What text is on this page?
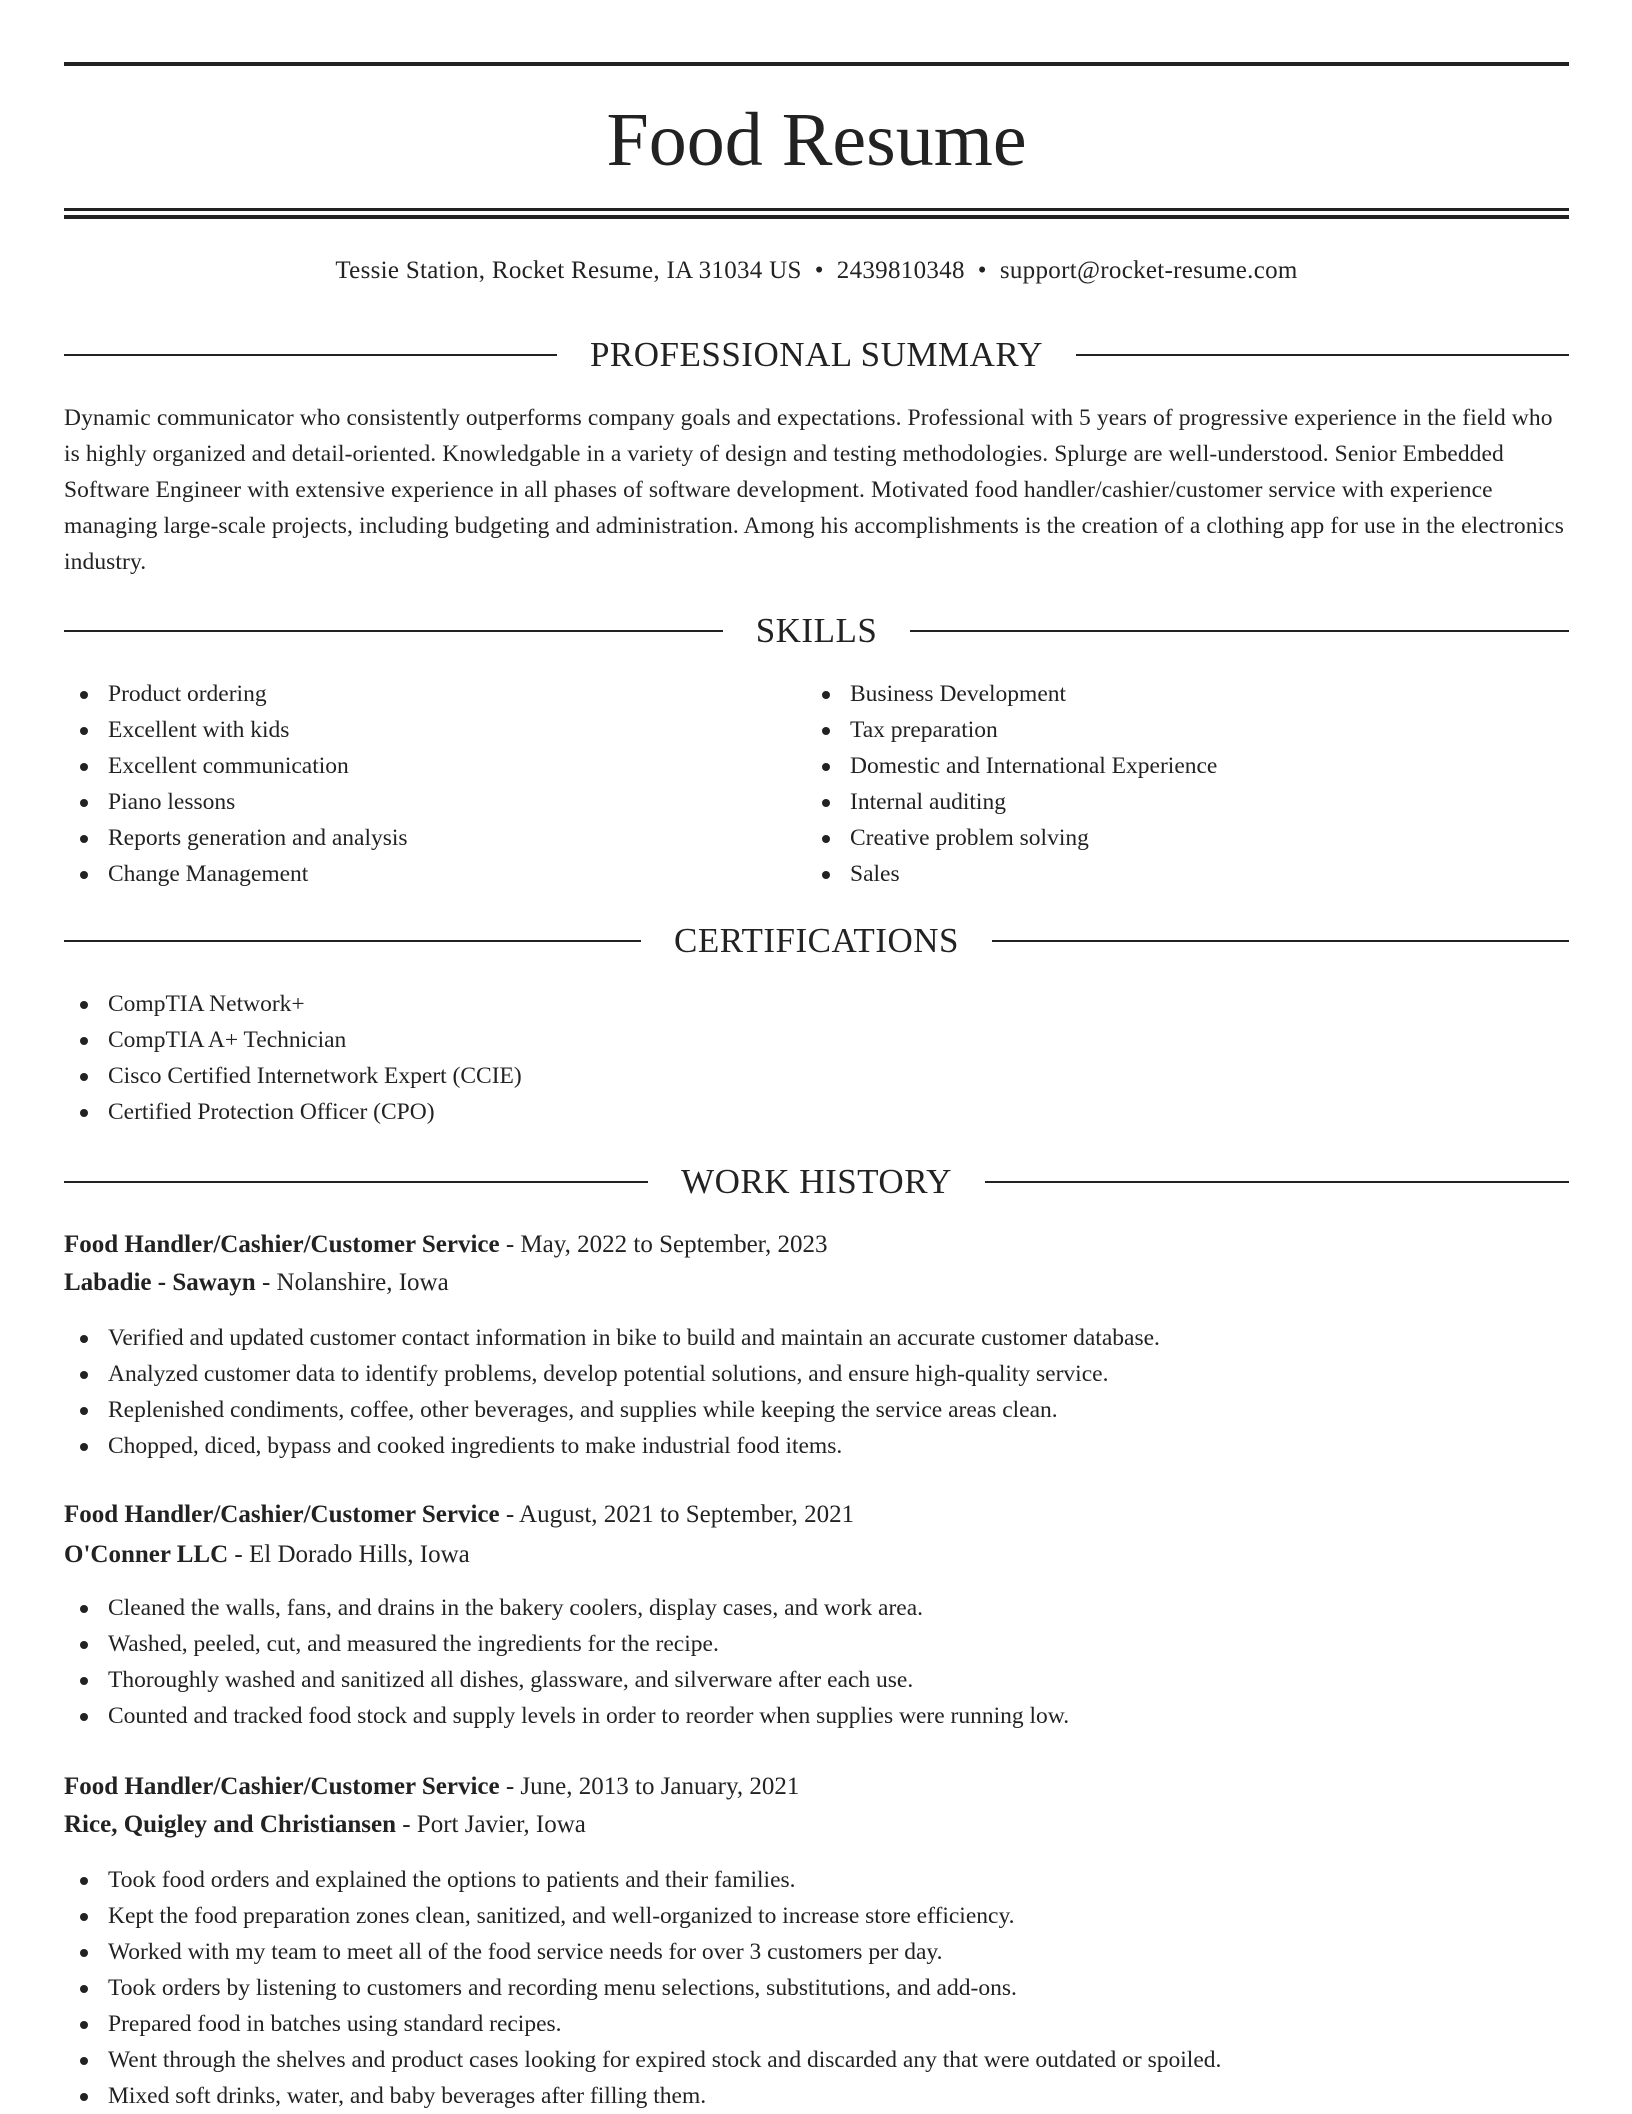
Food Resume
Tessie Station, Rocket Resume, IA 31034 US • 2439810348 • support@rocket-resume.com
PROFESSIONAL SUMMARY

Dynamic communicator who consistently outperforms company goals and expectations. Professional with 5 years of progressive experience in the field who is highly organized and detail-oriented. Knowledgable in a variety of design and testing methodologies. Splurge are well-understood. Senior Embedded Software Engineer with extensive experience in all phases of software development. Motivated food handler/cashier/customer service with experience managing large-scale projects, including budgeting and administration. Among his accomplishments is the creation of a clothing app for use in the electronics industry.

SKILLS
Product ordering
Excellent with kids
Excellent communication
Piano lessons
Reports generation and analysis
Change Management
Business Development
Tax preparation
Domestic and International Experience
Internal auditing
Creative problem solving
Sales
CERTIFICATIONS
CompTIA Network+
CompTIA A+ Technician
Cisco Certified Internetwork Expert (CCIE)
Certified Protection Officer (CPO)
WORK HISTORY
Food Handler/Cashier/Customer Service - May, 2022 to September, 2023
Labadie - Sawayn - Nolanshire, Iowa
Verified and updated customer contact information in bike to build and maintain an accurate customer database.
Analyzed customer data to identify problems, develop potential solutions, and ensure high-quality service.
Replenished condiments, coffee, other beverages, and supplies while keeping the service areas clean.
Chopped, diced, bypass and cooked ingredients to make industrial food items.
Food Handler/Cashier/Customer Service - August, 2021 to September, 2021
O'Conner LLC - El Dorado Hills, Iowa
Cleaned the walls, fans, and drains in the bakery coolers, display cases, and work area.
Washed, peeled, cut, and measured the ingredients for the recipe.
Thoroughly washed and sanitized all dishes, glassware, and silverware after each use.
Counted and tracked food stock and supply levels in order to reorder when supplies were running low.
Food Handler/Cashier/Customer Service - June, 2013 to January, 2021
Rice, Quigley and Christiansen - Port Javier, Iowa
Took food orders and explained the options to patients and their families.
Kept the food preparation zones clean, sanitized, and well-organized to increase store efficiency.
Worked with my team to meet all of the food service needs for over 3 customers per day.
Took orders by listening to customers and recording menu selections, substitutions, and add-ons.
Prepared food in batches using standard recipes.
Went through the shelves and product cases looking for expired stock and discarded any that were outdated or spoiled.
Mixed soft drinks, water, and baby beverages after filling them.
